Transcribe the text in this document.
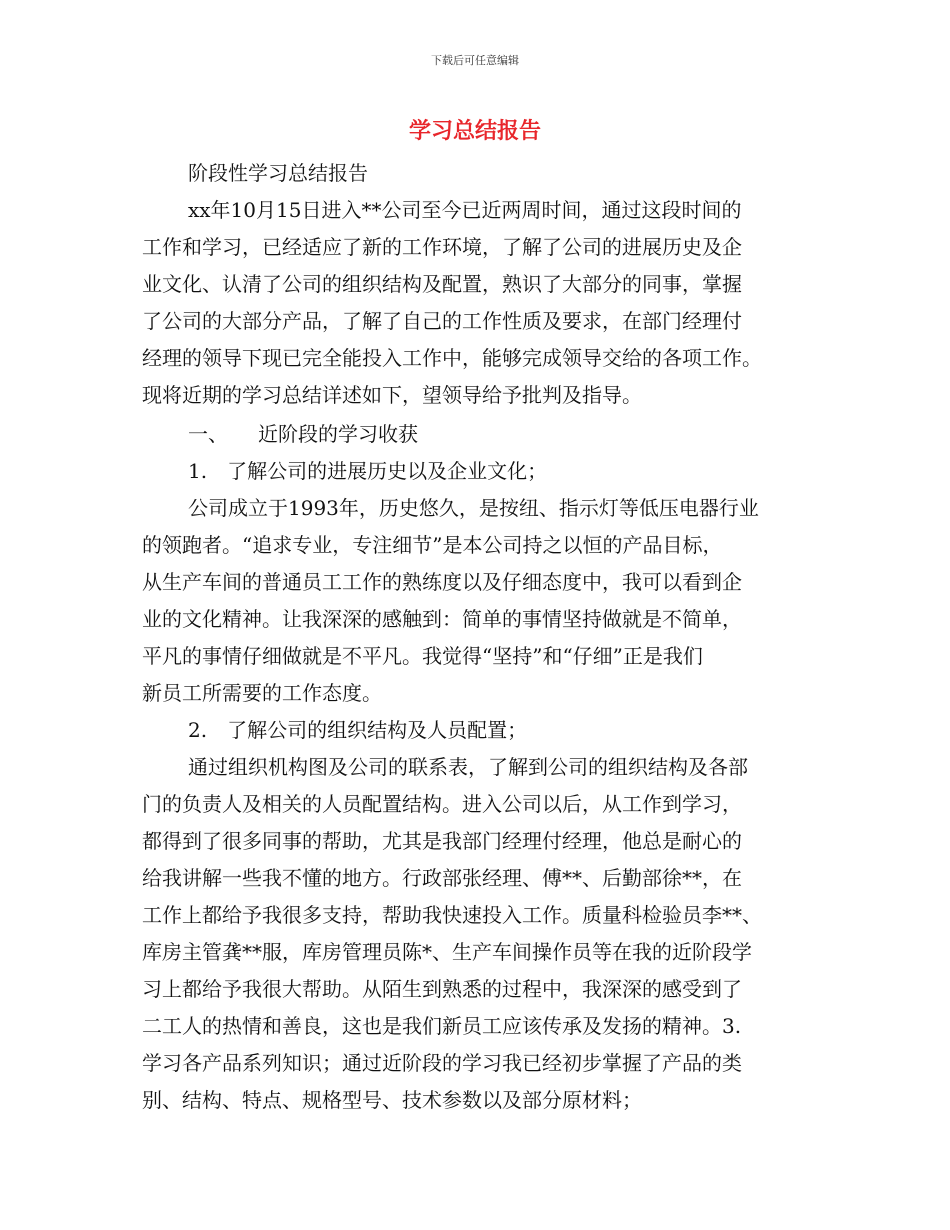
下载后可任意编辑
学习总结报告
阶段性学习总结报告
xx年10月15日进入**公司至今已近两周时间，通过这段时间的
工作和学习，已经适应了新的工作环境，了解了公司的进展历史及企
业文化、认清了公司的组织结构及配置，熟识了大部分的同事，掌握
了公司的大部分产品，了解了自己的工作性质及要求，在部门经理付
经理的领导下现已完全能投入工作中，能够完成领导交给的各项工作。
现将近期的学习总结详述如下，望领导给予批判及指导。
一、　　近阶段的学习收获
1.　了解公司的进展历史以及企业文化；
公司成立于1993年，历史悠久，是按纽、指示灯等低压电器行业
的领跑者。“追求专业，专注细节”是本公司持之以恒的产品目标，
从生产车间的普通员工工作的熟练度以及仔细态度中，我可以看到企
业的文化精神。让我深深的感触到：简单的事情坚持做就是不简单，
平凡的事情仔细做就是不平凡。我觉得“坚持”和“仔细”正是我们
新员工所需要的工作态度。
2.　了解公司的组织结构及人员配置；
通过组织机构图及公司的联系表，了解到公司的组织结构及各部
门的负责人及相关的人员配置结构。进入公司以后，从工作到学习，
都得到了很多同事的帮助，尤其是我部门经理付经理，他总是耐心的
给我讲解一些我不懂的地方。行政部张经理、傅**、后勤部徐**，在
工作上都给予我很多支持，帮助我快速投入工作。质量科检验员李**、
库房主管龚**服，库房管理员陈*、生产车间操作员等在我的近阶段学
习上都给予我很大帮助。从陌生到熟悉的过程中，我深深的感受到了
二工人的热情和善良，这也是我们新员工应该传承及发扬的精神。3.
学习各产品系列知识；通过近阶段的学习我已经初步掌握了产品的类
别、结构、特点、规格型号、技术参数以及部分原材料；
